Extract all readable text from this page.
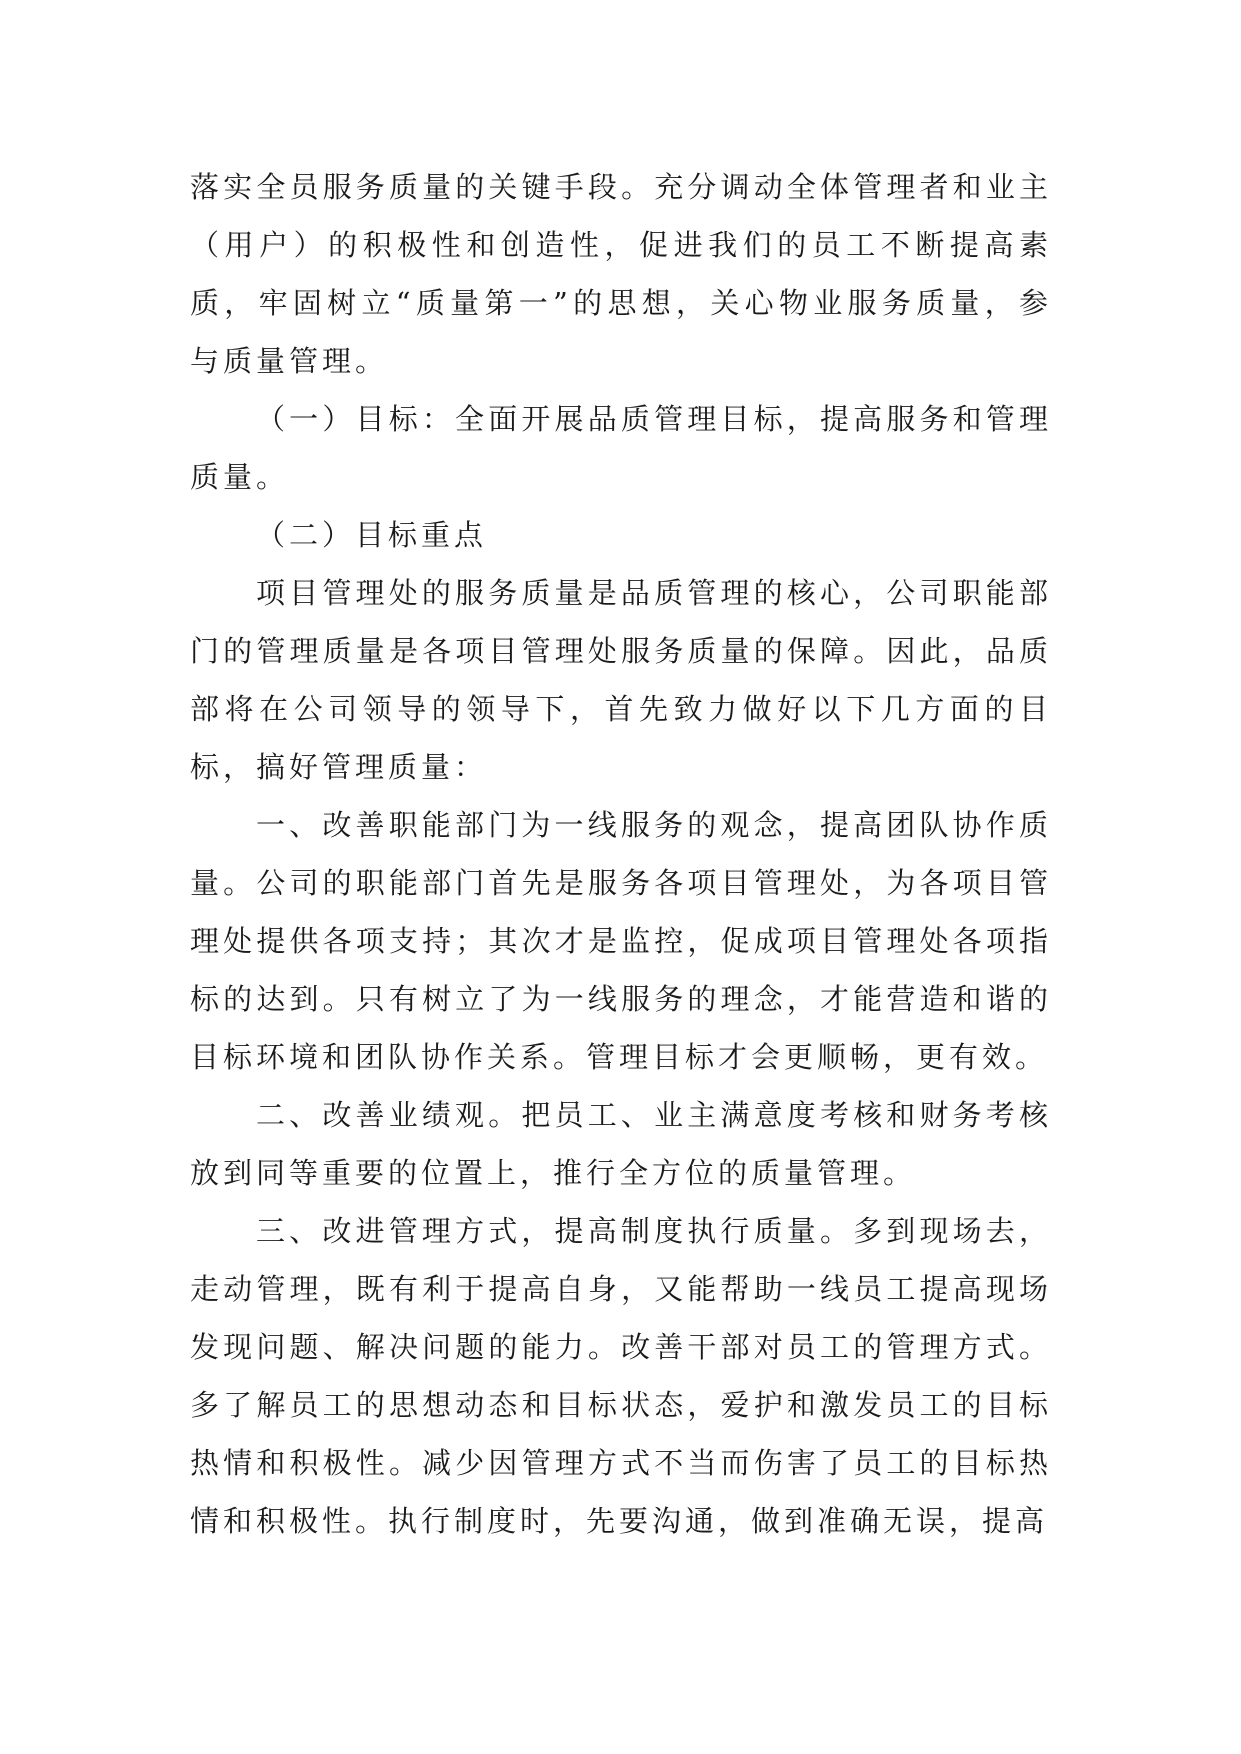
落实全员服务质量的关键手段。充分调动全体管理者和业主（用户）的积极性和创造性，促进我们的员工不断提高素质，牢固树立“质量第一”的思想，关心物业服务质量，参与质量管理。

（一）目标：全面开展品质管理目标，提高服务和管理质量。

（二）目标重点

项目管理处的服务质量是品质管理的核心，公司职能部门的管理质量是各项目管理处服务质量的保障。因此，品质部将在公司领导的领导下，首先致力做好以下几方面的目标，搞好管理质量：

一、改善职能部门为一线服务的观念，提高团队协作质量。公司的职能部门首先是服务各项目管理处，为各项目管理处提供各项支持；其次才是监控，促成项目管理处各项指标的达到。只有树立了为一线服务的理念，才能营造和谐的目标环境和团队协作关系。管理目标才会更顺畅，更有效。

二、改善业绩观。把员工、业主满意度考核和财务考核放到同等重要的位置上，推行全方位的质量管理。

三、改进管理方式，提高制度执行质量。多到现场去，走动管理，既有利于提高自身，又能帮助一线员工提高现场发现问题、解决问题的能力。改善干部对员工的管理方式。多了解员工的思想动态和目标状态，爱护和激发员工的目标热情和积极性。减少因管理方式不当而伤害了员工的目标热情和积极性。执行制度时，先要沟通，做到准确无误，提高
